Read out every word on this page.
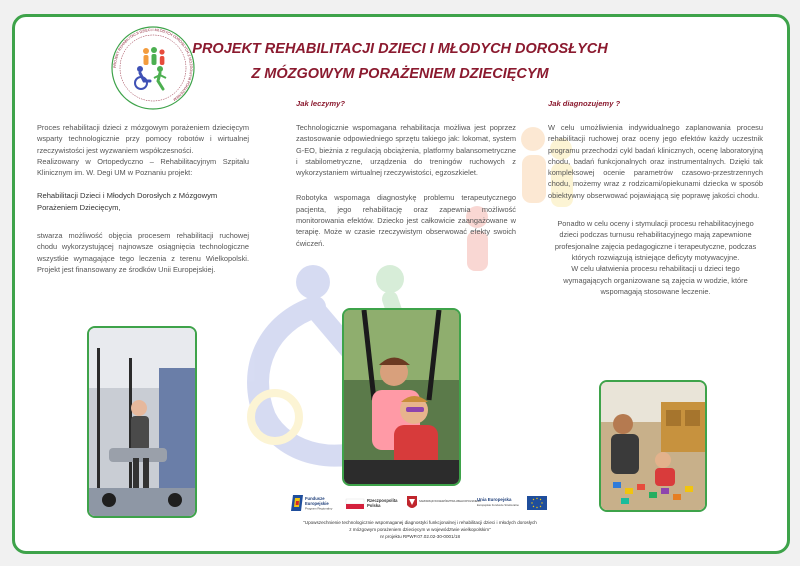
PROJEKT REHABILITACJI DZIECI I MŁODYCH DOROSŁYCH Z MÓZGOWYM PORAŻENIEM
PROJEKT REHABILITACJI DZIECI I MŁODYCH DOROSŁYCH
Z MÓZGOWYM PORAŻENIEM DZIECIĘCYM

Proces rehabilitacji dzieci z mózgowym porażeniem dziecięcym wsparty technologicznie przy pomocy robotów i wirtualnej rzeczywistości jest wyzwaniem współczesności.

Realizowany w Ortopedyczno – Rehabilitacyjnym Szpitalu Klinicznym im. W. Degi UM w Poznaniu projekt:

Rehabilitacji Dzieci i Młodych Dorosłych z Mózgowym Porażeniem Dziecięcym,

stwarza możliwość objęcia procesem rehabilitacji ruchowej chodu wykorzystującej najnowsze osiągnięcia technologiczne wszystkie wymagające tego leczenia z terenu Wielkopolski. Projekt jest finansowany ze środków Unii Europejskiej.

Jak leczymy?

Technologicznie wspomagana rehabilitacja możliwa jest poprzez zastosowanie odpowiedniego sprzętu takiego jak: lokomat, system G-EO, bieżnia z regulacją obciążenia, platformy balansometryczne i stabilometryczne, urządzenia do treningów ruchowych z wykorzystaniem wirtualnej rzeczywistości, egzoszkielet.

Robotyka wspomaga diagnostykę problemu terapeutycznego pacjenta, jego rehabilitację oraz zapewnia możliwość monitorowania efektów. Dziecko jest całkowicie zaangażowane w terapię. Może w czasie rzeczywistym obserwować efekty swoich ćwiczeń.

Jak diagnozujemy ?

W celu umożliwienia indywidualnego zaplanowania procesu rehabilitacji ruchowej oraz oceny jego efektów każdy uczestnik programu przechodzi cykl badań klinicznych, ocenę laboratoryjną chodu, badań funkcjonalnych oraz instrumentalnych. Dzięki tak kompleksowej ocenie parametrów czasowo-przestrzennych chodu, możemy wraz z rodzicami/opiekunami dziecka w sposób obiektywny obserwować pojawiającą się poprawę jakości chodu.

Ponadto w celu oceny i stymulacji procesu rehabilitacyjnego dzieci podczas turnusu rehabilitacyjnego mają zapewnione profesjonalne zajęcia pedagogiczne i terapeutyczne, podczas których rozwiązują istniejące deficyty motywacyjne.

W celu ułatwienia procesu rehabilitacji u dzieci tego wymagających organizowane są zajęcia w wodzie, które wspomagają stosowane leczenie.

Fundusze
Europejskie
Program Regionalny
Rzeczpospolita
Polska
SAMORZĄD WOJEWÓDZTWA WIELKOPOLSKIEGO
Unia Europejska
Europejskie Fundusze Strukturalne
"Upowszechnienie technologicznie wspomaganej diagnostyki funkcjonalnej i rehabilitacji dzieci i młodych dorosłych
z mózgowym porażeniem dziecięcym w województwie wielkopolskim"
nr projektu RPWP.07.02.02-30-0001/18
